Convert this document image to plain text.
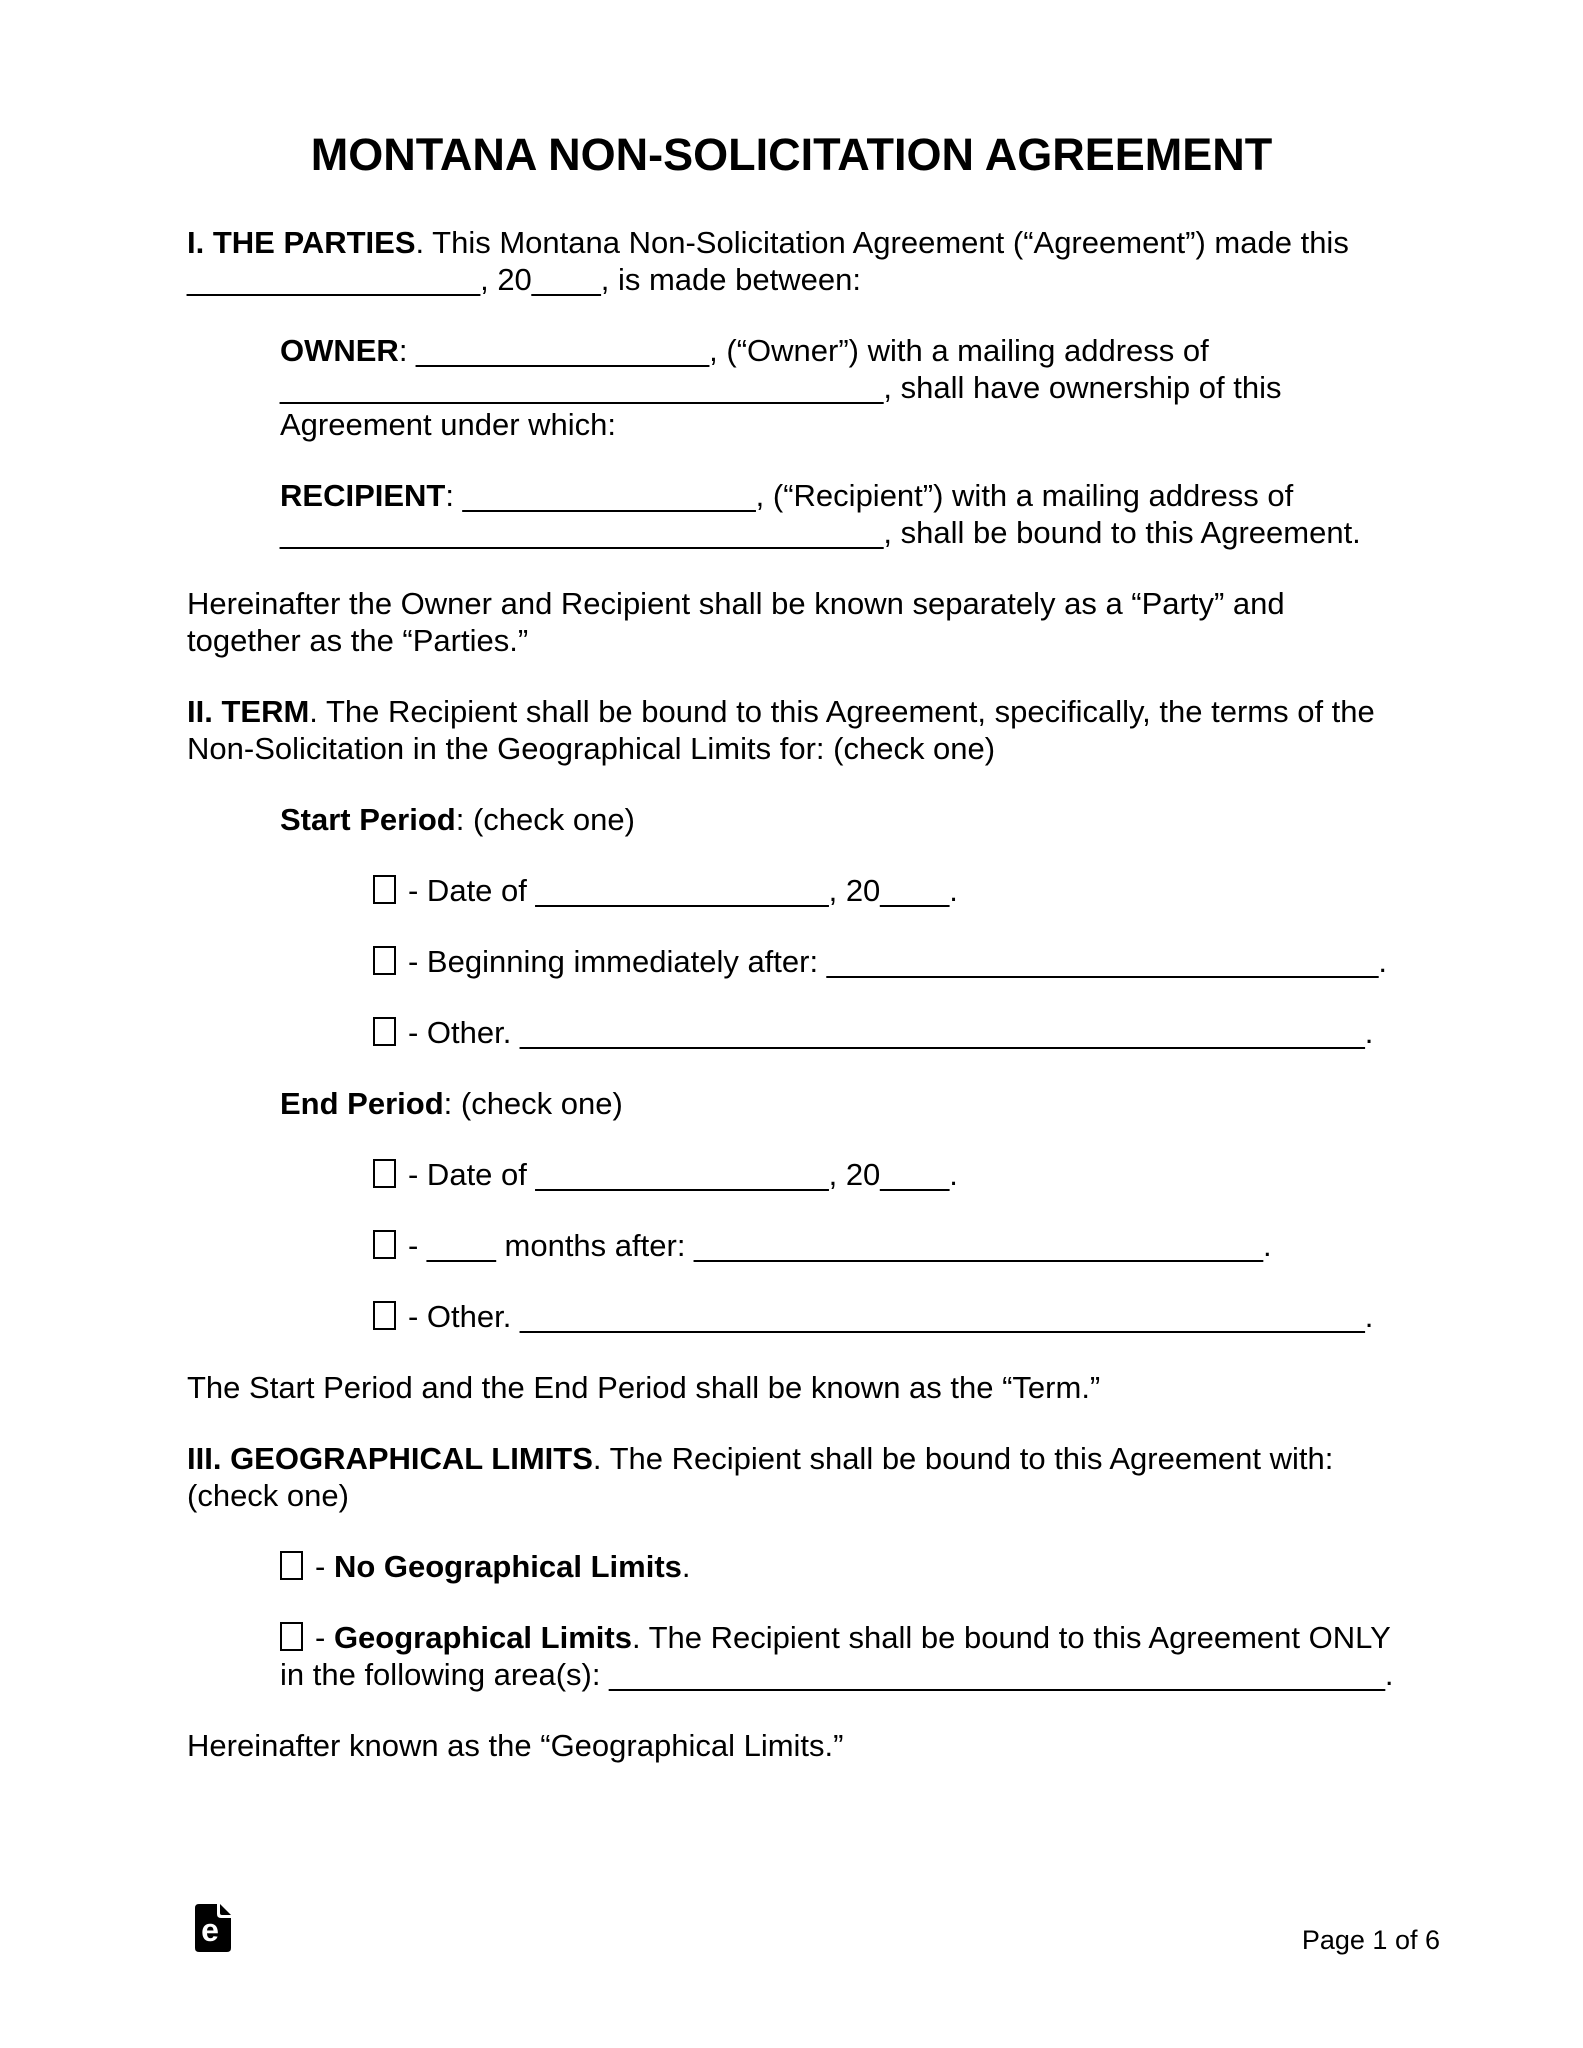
MONTANA NON-SOLICITATION AGREEMENT

I. THE PARTIES. This Montana Non-Solicitation Agreement (“Agreement”) made this
_________________, 20____, is made between:

OWNER: _________________, (“Owner”) with a mailing address of
___________________________________, shall have ownership of this
Agreement under which:

RECIPIENT: _________________, (“Recipient”) with a mailing address of
___________________________________, shall be bound to this Agreement.

Hereinafter the Owner and Recipient shall be known separately as a “Party” and
together as the “Parties.”

II. TERM. The Recipient shall be bound to this Agreement, specifically, the terms of the
Non-Solicitation in the Geographical Limits for: (check one)

Start Period: (check one)

- Date of _________________, 20____.

- Beginning immediately after: ________________________________.

- Other. _________________________________________________.

End Period: (check one)

- Date of _________________, 20____.

- ____ months after: _________________________________.

- Other. _________________________________________________.

The Start Period and the End Period shall be known as the “Term.”

III. GEOGRAPHICAL LIMITS. The Recipient shall be bound to this Agreement with:
(check one)

- No Geographical Limits.

- Geographical Limits. The Recipient shall be bound to this Agreement ONLY
in the following area(s): _____________________________________________.

Hereinafter known as the “Geographical Limits.”

e	Page 1 of 6
